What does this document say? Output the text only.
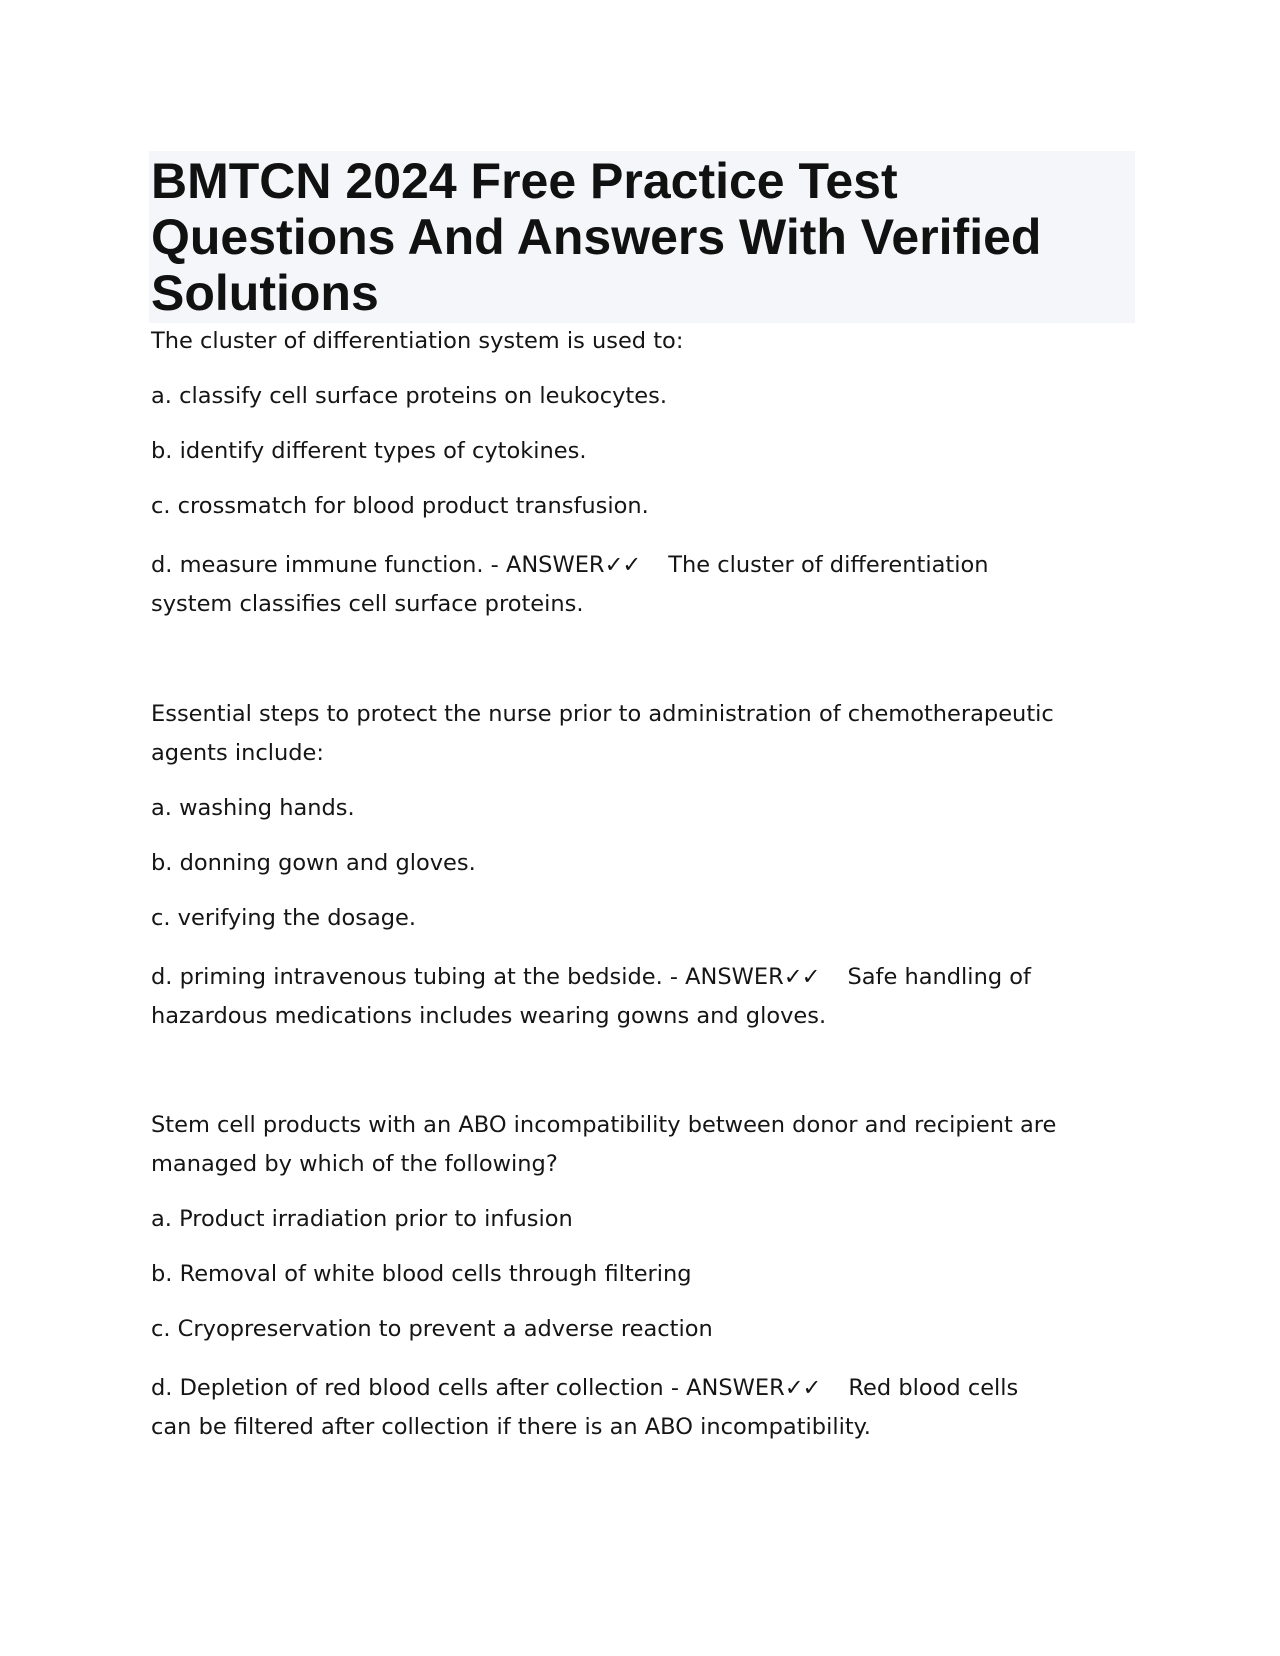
BMTCN 2024 Free Practice Test Questions And Answers With Verified Solutions

The cluster of differentiation system is used to:

a. classify cell surface proteins on leukocytes.

b. identify different types of cytokines.

c. crossmatch for blood product transfusion.

d. measure immune function. - ANSWER✓✓ The cluster of differentiation
system classifies cell surface proteins.

Essential steps to protect the nurse prior to administration of chemotherapeutic

agents include:

a. washing hands.

b. donning gown and gloves.

c. verifying the dosage.

d. priming intravenous tubing at the bedside. - ANSWER✓✓ Safe handling of
hazardous medications includes wearing gowns and gloves.

Stem cell products with an ABO incompatibility between donor and recipient are

managed by which of the following?

a. Product irradiation prior to infusion

b. Removal of white blood cells through filtering

c. Cryopreservation to prevent a adverse reaction

d. Depletion of red blood cells after collection - ANSWER✓✓ Red blood cells
can be filtered after collection if there is an ABO incompatibility.
